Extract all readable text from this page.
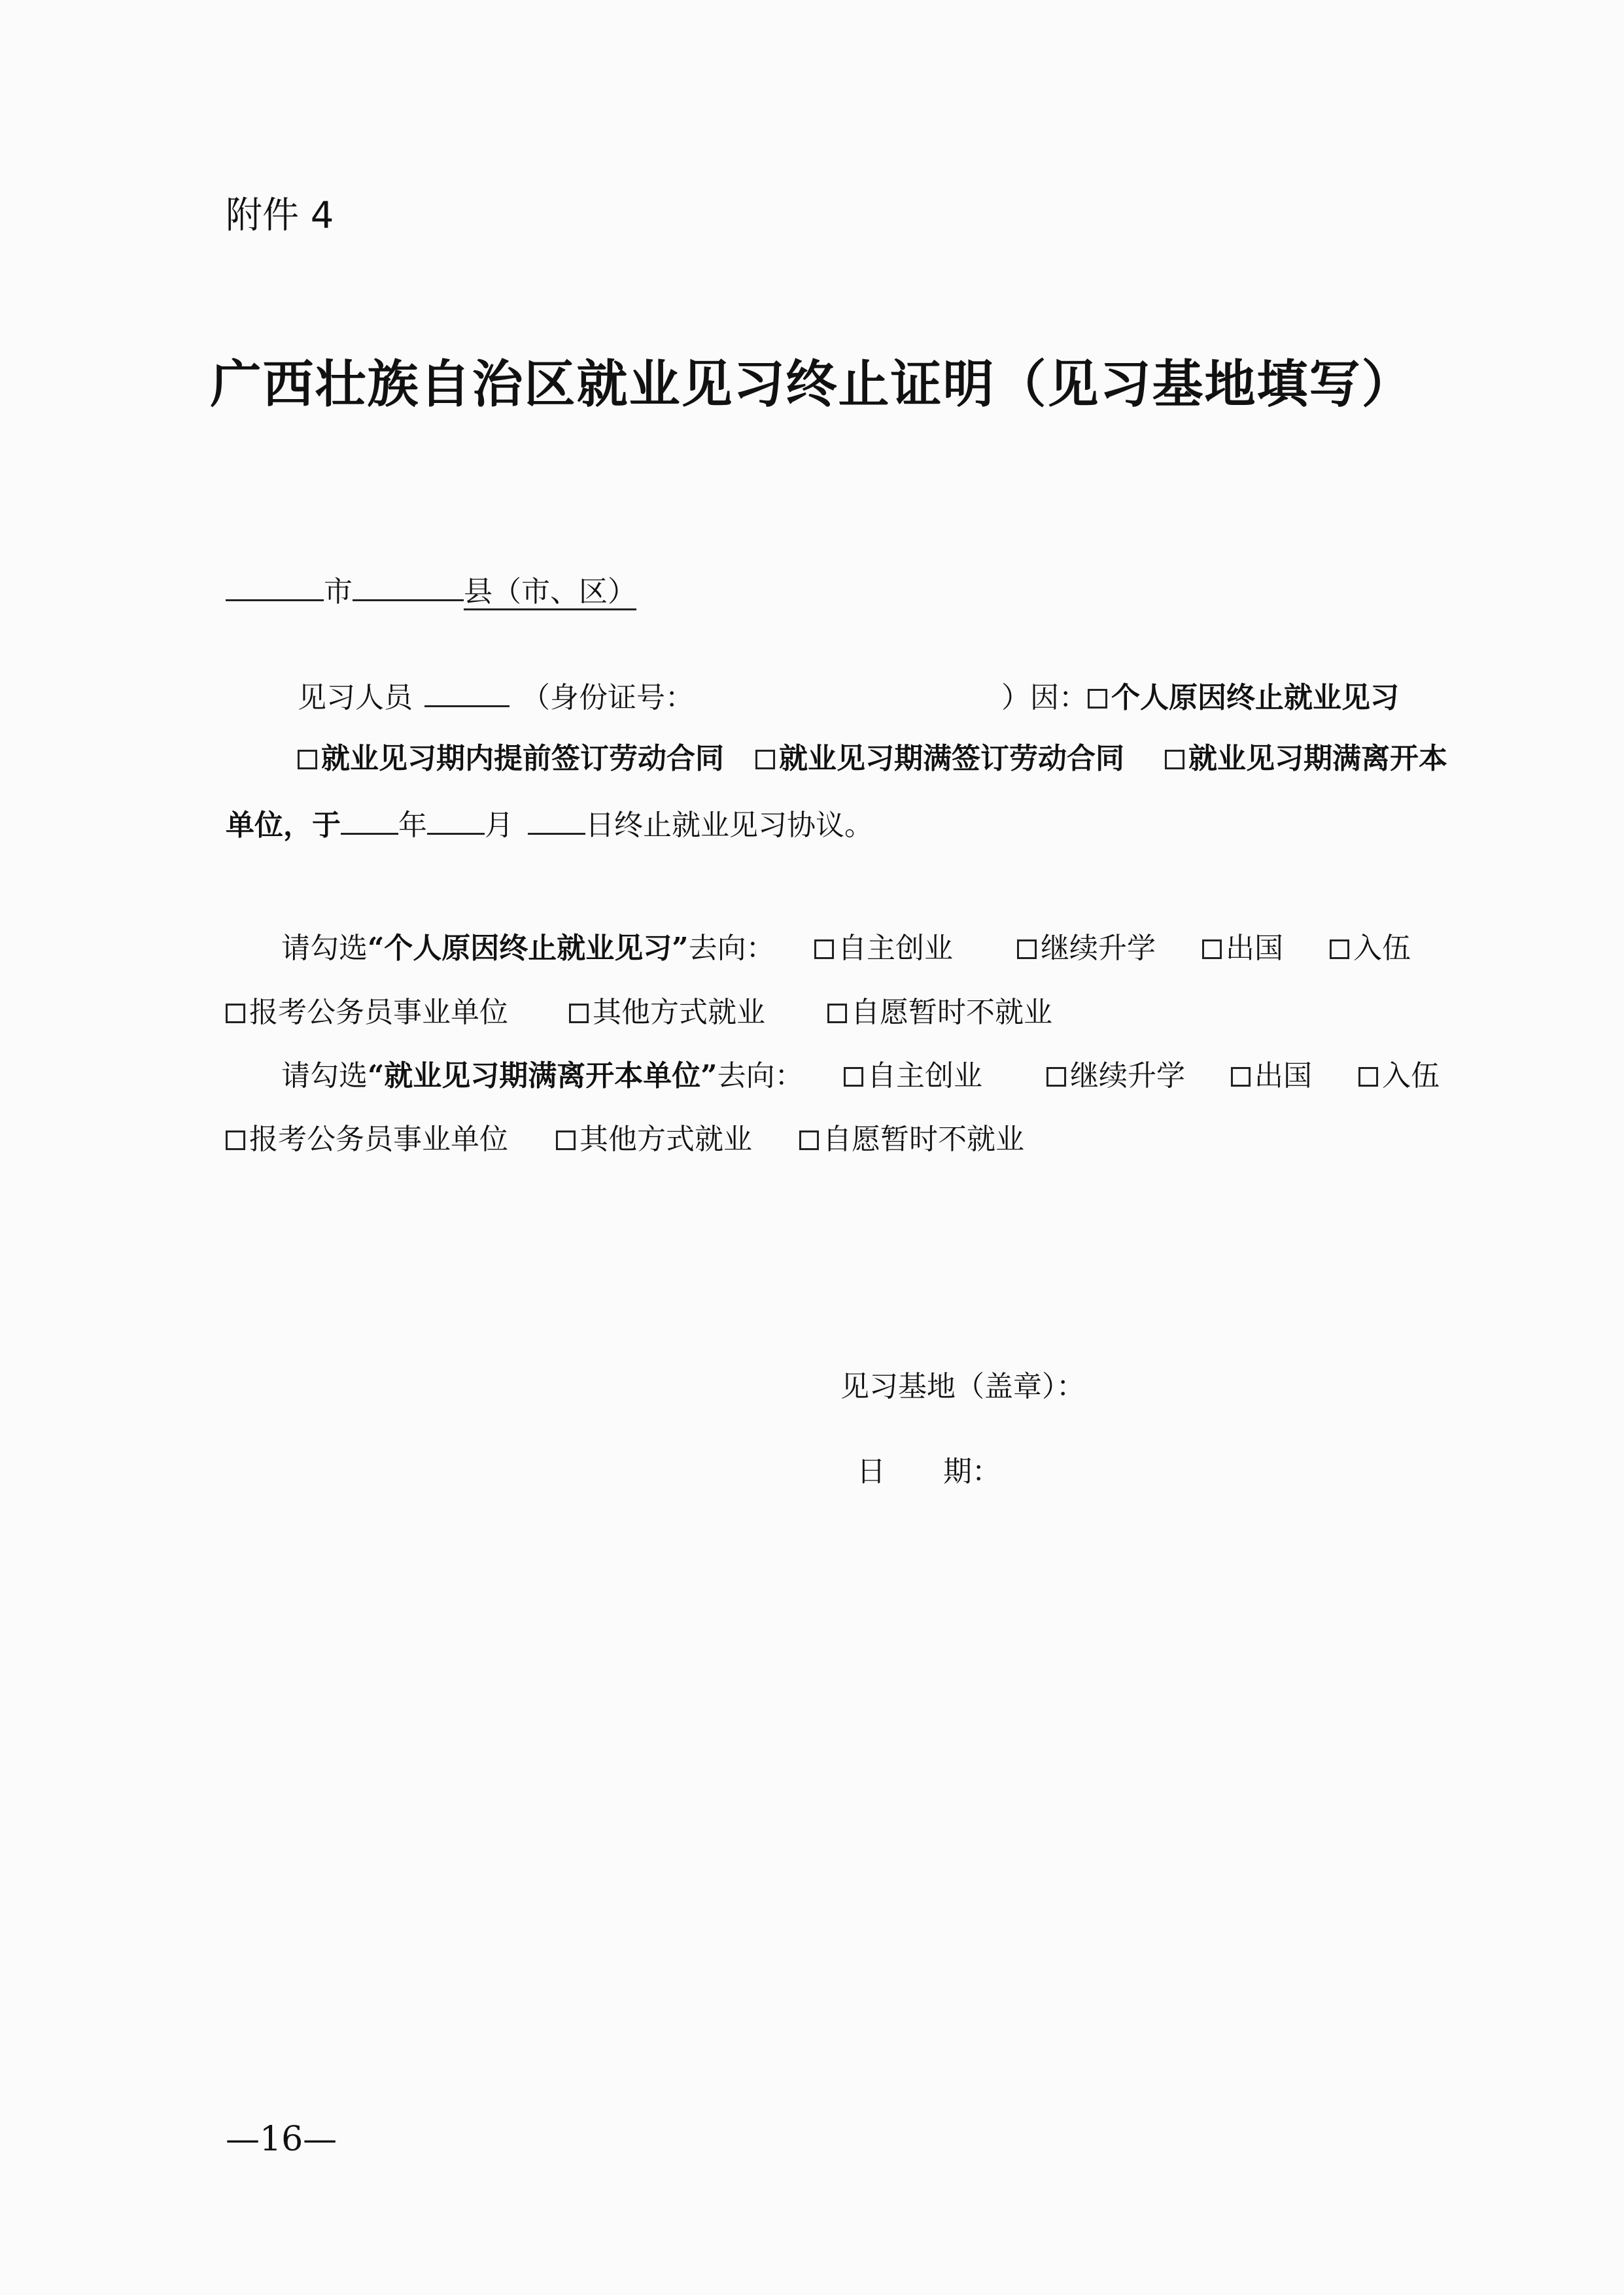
附件 4
广西壮族自治区就业见习终止证明（见习基地填写）
市	县（市、区）
见习人员	（身份证号：	）因： 个人原因终止就业见习
就业见习期内提前签订劳动合同 就业见习期满签订劳动合同 就业见习期满离开本
单位，于 年 月	日终止就业见习协议。
请勾选“个人原因终止就业见习”去向：	自主创业	继续升学	出国	入伍
报考公务员事业单位	其他方式就业	自愿暂时不就业
请勾选“就业见习期满离开本单位”去向：	自主创业	继续升学	出国	入伍
报考公务员事业单位	其他方式就业	自愿暂时不就业
见习基地（盖章）：
日　　期：
—16—
